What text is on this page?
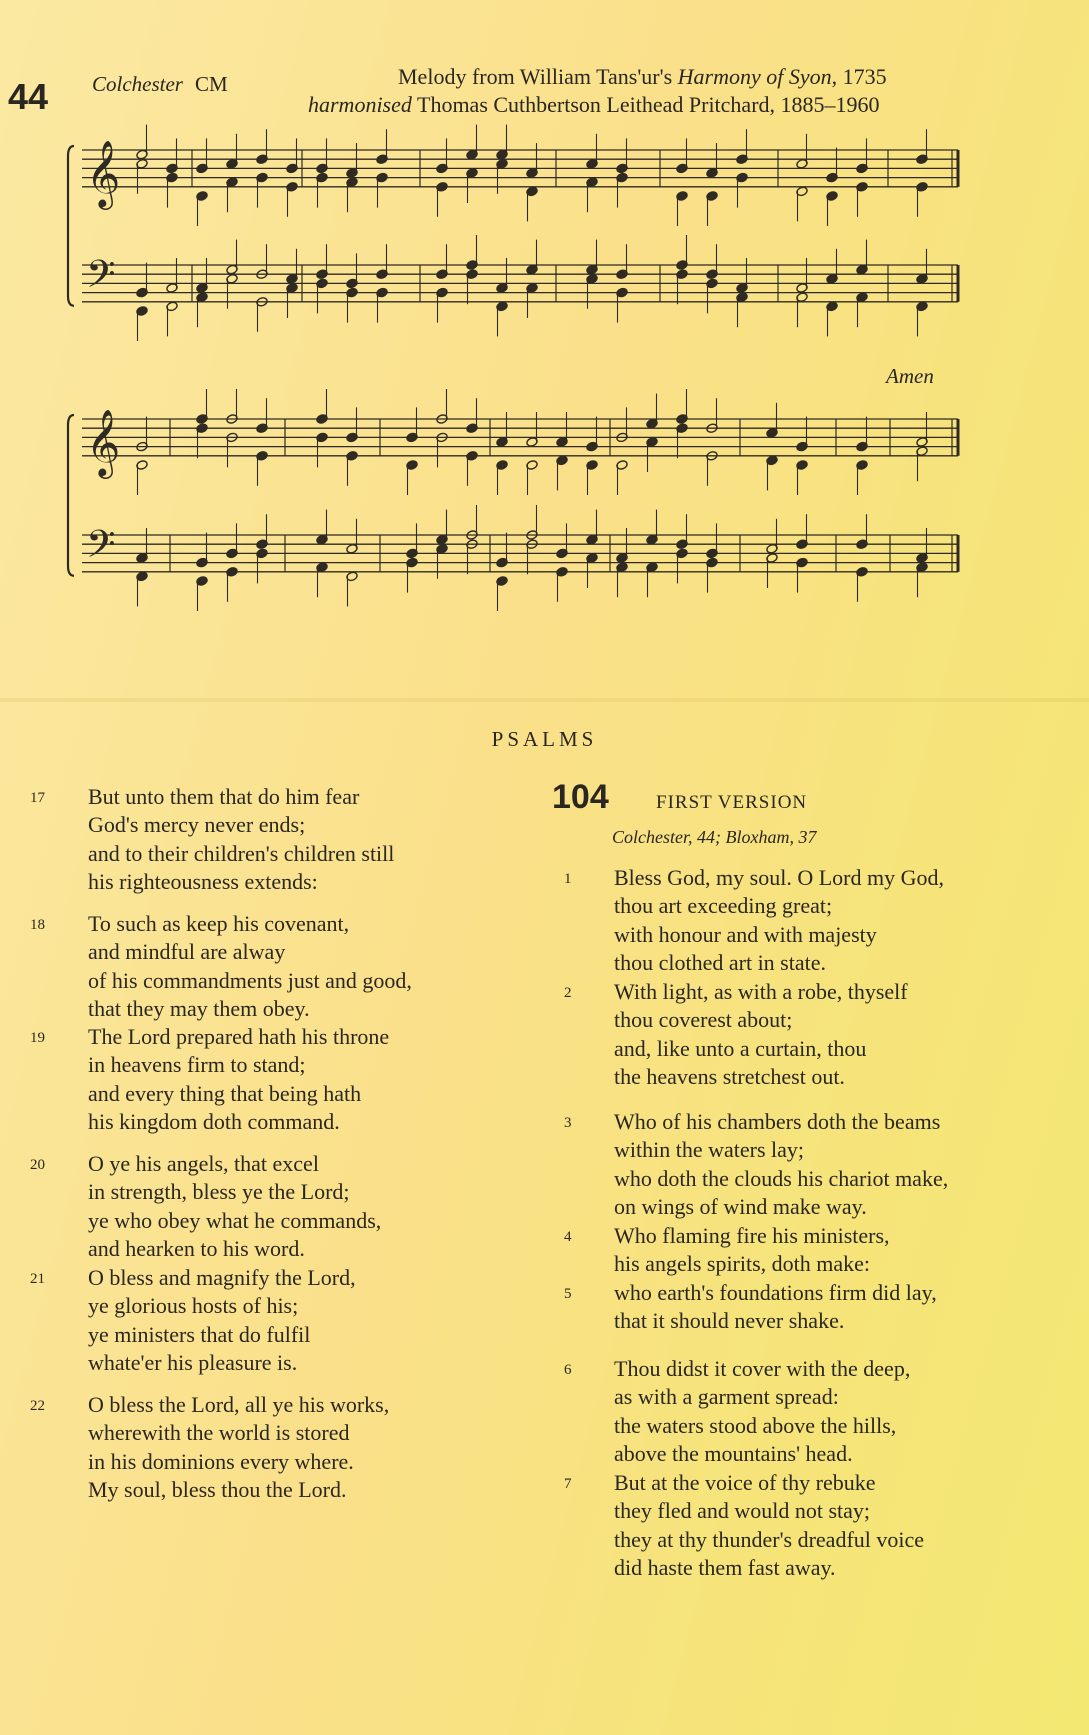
44 Colchester CM	Melody from William Tans'ur's Harmony of Syon, 1735
harmonised Thomas Cuthbertson Leithead Pritchard, 1885–1960
Amen
𝄞
𝄢
𝄞
𝄢
PSALMS
104 FIRST VERSION
Colchester, 44; Bloxham, 37
17 But unto them that do him fear
God's mercy never ends;
and to their children's children still
his righteousness extends:
18 To such as keep his covenant,
and mindful are alway
of his commandments just and good,
that they may them obey.
19 The Lord prepared hath his throne
in heavens firm to stand;
and every thing that being hath
his kingdom doth command.
20 O ye his angels, that excel
in strength, bless ye the Lord;
ye who obey what he commands,
and hearken to his word.
21 O bless and magnify the Lord,
ye glorious hosts of his;
ye ministers that do fulfil
whate'er his pleasure is.
22 O bless the Lord, all ye his works,
wherewith the world is stored
in his dominions every where.
My soul, bless thou the Lord.
1 Bless God, my soul. O Lord my God,
thou art exceeding great;
with honour and with majesty
thou clothed art in state.
2 With light, as with a robe, thyself
thou coverest about;
and, like unto a curtain, thou
the heavens stretchest out.
3 Who of his chambers doth the beams
within the waters lay;
who doth the clouds his chariot make,
on wings of wind make way.
4 Who flaming fire his ministers,
his angels spirits, doth make:
5 who earth's foundations firm did lay,
that it should never shake.
6 Thou didst it cover with the deep,
as with a garment spread:
the waters stood above the hills,
above the mountains' head.
7 But at the voice of thy rebuke
they fled and would not stay;
they at thy thunder's dreadful voice
did haste them fast away.
